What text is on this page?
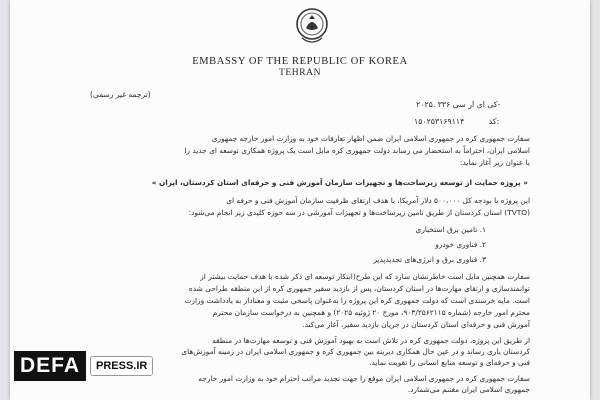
EMBASSY OF THE REPUBLIC OF KOREA
TEHRAN
(ترجمه غیر رسمی)
۲۰۲۵. ۳۳۶ کی ای ار سی-
۱۵۰۲۵۳۱۶۹۱۱۴	کد:
سفارت جمهوری کره در جمهوری اسلامی ایران ضمن اظهار تعارفات خود به وزارت امور خارجه جمهوری
اسلامی ایران، احتراماً به استحضار می رساند دولت جمهوری کره مایل است یک پروژه همکاری توسعه ای جدید را
با عنوان زیر آغاز نماید:
« پروژه حمایت از توسعه زیرساخت‌ها و تجهیزات سازمان آموزش فنی و حرفه‌ای استان کردستان، ایران »
این پروژه با بودجه کل ۵۰۰،۰۰۰ دلار آمریکا، با هدف ارتقای ظرفیت سازمان آموزش فنی و حرفه ای
(TVTO) استان کردستان از طریق تامین زیرساخت‌ها و تجهیزات آموزشی در سه حوزه کلیدی زیر انجام می‌شود:
۱. تامین برق استخباری
۲. فناوری خودرو
۳. فناوری برق و انرژی‌های تجدیدپذیر
سفارت همچنین مایل است خاطرنشان سازد که این طرح(ابتکار توسعه ای ذکر شده با هدف حمایت بیشتر از
توانمندسازی و ارتقای مهارت‌ها در استان کردستان، پس از بازدید سفیر جمهوری کره از این منطقه طراحی شده
است. مایه خرسندی است که دولت جمهوری کره این پروژه را به‌عنوان پاسخی مثبت و معنادار به یادداشت وزارت
محترم امور خارجه (شماره ۹۰۳/۲۵۶۲۱۱۵، مورخ ۲۰ ژوئیه ۲۰۲۵) و همچنین به درخواست سازمان محترم
آموزش فنی و حرفه‌ای استان کردستان در جریان بازدید سفیر، آغاز می‌کند.
از طریق این پروژه، دولت جمهوری کره در تلاش است به بهبود آموزش فنی و توسعه مهارت‌ها در منطقه
کردستان یاری رساند و در عین حال همکاری دیرینه بین جمهوری کره و جمهوری اسلامی ایران در زمینه آموزش‌های
فنی و حرفه‌ای و توسعه منابع انسانی را تقویت نماید.
سفارت جمهوری کره در جمهوری اسلامی ایران موقع را جهت تجدید مراتب احترام خود به وزارت امور خارجه
جمهوری اسلامی ایران مغتنم می‌شمارد.
DEFA	PRESS.IR
